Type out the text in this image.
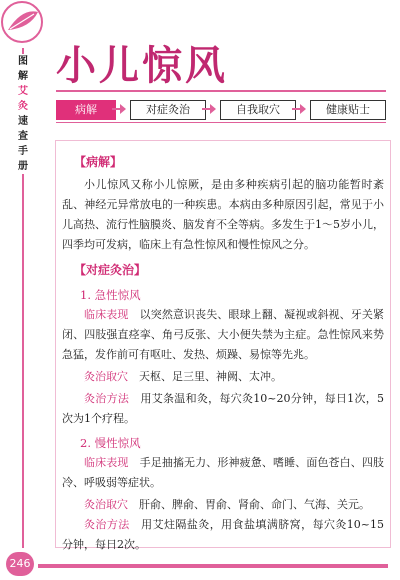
图
解
艾
灸
速
查
手
册
246
小儿惊风
病解	对症灸治	自我取穴	健康贴士
【病解】
小儿惊风又称小儿惊厥，是由多种疾病引起的脑功能暂时紊乱、神经元异常放电的一种疾患。本病由多种原因引起，常见于小儿高热、流行性脑膜炎、脑发育不全等病。多发生于1～5岁小儿，四季均可发病，临床上有急性惊风和慢性惊风之分。
【对症灸治】
1. 急性惊风
临床表现　 以突然意识丧失、眼球上翻、凝视或斜视、牙关紧闭、四肢强直痉挛、角弓反张、大小便失禁为主症。急性惊风来势急猛，发作前可有呕吐、发热、烦躁、易惊等先兆。
灸治取穴　 天枢、足三里、神阙、太冲。
灸治方法　 用艾条温和灸，每穴灸10~20分钟，每日1次，5次为1个疗程。
2. 慢性惊风
临床表现　 手足抽搐无力、形神疲惫、嗜睡、面色苍白、四肢冷、呼吸弱等症状。
灸治取穴　 肝俞、脾俞、胃俞、肾俞、命门、气海、关元。
灸治方法　 用艾炷隔盐灸，用食盐填满脐窝，每穴灸10~15分钟，每日2次。
